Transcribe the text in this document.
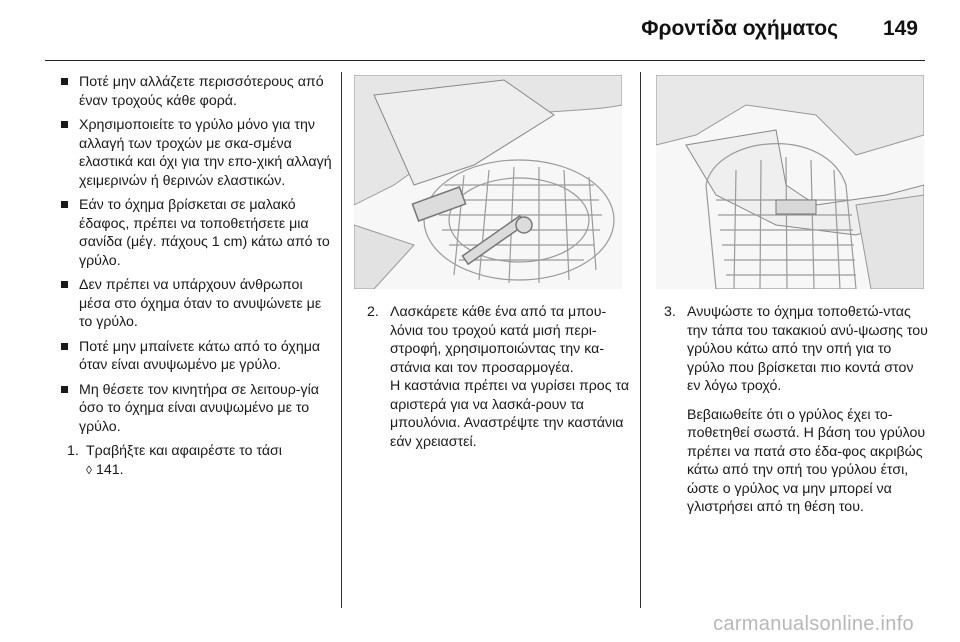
Φροντίδα οχήματος 149
Ποτέ μην αλλάζετε περισσότερους από έναν τροχούς κάθε φορά.
Χρησιμοποιείτε το γρύλο μόνο για την αλλαγή των τροχών με σκα-σμένα ελαστικά και όχι για την επο-χική αλλαγή χειμερινών ή θερινών ελαστικών.
Εάν το όχημα βρίσκεται σε μαλακό έδαφος, πρέπει να τοποθετήσετε μια σανίδα (μέγ. πάχους 1 cm) κάτω από το γρύλο.
Δεν πρέπει να υπάρχουν άνθρωποι μέσα στο όχημα όταν το ανυψώνετε με το γρύλο.
Ποτέ μην μπαίνετε κάτω από το όχημα όταν είναι ανυψωμένο με γρύλο.
Μη θέσετε τον κινητήρα σε λειτουρ-γία όσο το όχημα είναι ανυψωμένο με το γρύλο.
1. Τραβήξτε και αφαιρέστε το τάσι
◊ 141.
2. Λασκάρετε κάθε ένα από τα μπου-λόνια του τροχού κατά μισή περι-στροφή, χρησιμοποιώντας την κα-στάνια και τον προσαρμογέα.
Η καστάνια πρέπει να γυρίσει προς τα αριστερά για να λασκά-ρουν τα μπουλόνια. Αναστρέψτε την καστάνια εάν χρειαστεί.
3. Ανυψώστε το όχημα τοποθετώ-ντας την τάπα του τακακιού ανύ-ψωσης του γρύλου κάτω από την οπή για το γρύλο που βρίσκεται πιο κοντά στον εν λόγω τροχό.
Βεβαιωθείτε ότι ο γρύλος έχει το-ποθετηθεί σωστά. Η βάση του γρύλου πρέπει να πατά στο έδα-φος ακριβώς κάτω από την οπή του γρύλου έτσι, ώστε ο γρύλος να μην μπορεί να γλιστρήσει από τη θέση του.
carmanualsonline.info
